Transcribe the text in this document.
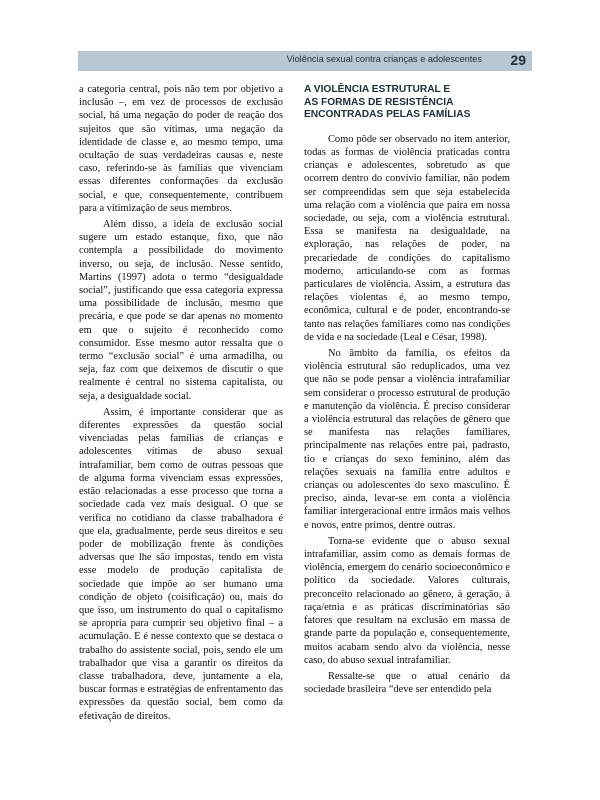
Violência sexual contra crianças e adolescentes 29

a categoria central, pois não tem por objetivo a inclusão –, em vez de processos de exclusão social, há uma negação do poder de reação dos sujeitos que são vítimas, uma negação da identidade de classe e, ao mesmo tempo, uma ocultação de suas verdadeiras causas e, neste caso, referindo-se às famílias que vivenciam essas diferentes conformações da exclusão social, e que, consequentemente, contribuem para a vitimização de seus membros.

Além disso, a ideia de exclusão social sugere um estado estanque, fixo, que não contempla a possibilidade do movimento inverso, ou seja, de inclusão. Nesse sentido, Martins (1997) adota o termo “desigualdade social”, justificando que essa categoria expressa uma possibilidade de inclusão, mesmo que precária, e que pode se dar apenas no momento em que o sujeito é reconhecido como consumidor. Esse mesmo autor ressalta que o termo “exclusão social” é uma armadilha, ou seja, faz com que deixemos de discutir o que realmente é central no sistema capitalista, ou seja, a desigualdade social.

Assim, é importante considerar que as diferentes expressões da questão social vivenciadas pelas famílias de crianças e adolescentes vítimas de abuso sexual intrafamiliar, bem como de outras pessoas que de alguma forma vivenciam essas expressões, estão relacionadas a esse processo que torna a sociedade cada vez mais desigual. O que se verifica no cotidiano da classe trabalhadora é que ela, gradualmente, perde seus direitos e seu poder de mobilização frente às condições adversas que lhe são impostas, tendo em vista esse modelo de produção capitalista de sociedade que impõe ao ser humano uma condição de objeto (coisificação) ou, mais do que isso, um instrumento do qual o capitalismo se apropria para cumprir seu objetivo final – a acumulação. E é nesse contexto que se destaca o trabalho do assistente social, pois, sendo ele um trabalhador que visa a garantir os direitos da classe trabalhadora, deve, juntamente a ela, buscar formas e estratégias de enfrentamento das expressões da questão social, bem como da efetivação de direitos.

A VIOLÊNCIA ESTRUTURAL E
AS FORMAS DE RESISTÊNCIA
ENCONTRADAS PELAS FAMÍLIAS

Como pôde ser observado no item anterior, todas as formas de violência praticadas contra crianças e adolescentes, sobretudo as que ocorrem dentro do convívio familiar, não podem ser compreendidas sem que seja estabelecida uma relação com a violência que paira em nossa sociedade, ou seja, com a violência estrutural. Essa se manifesta na desigualdade, na exploração, nas relações de poder, na precariedade de condições do capitalismo moderno, articulando-se com as formas particulares de violência. Assim, a estrutura das relações violentas é, ao mesmo tempo, econômica, cultural e de poder, encontrando-se tanto nas relações familiares como nas condições de vida e na sociedade (Leal e César, 1998).

No âmbito da família, os efeitos da violência estrutural são reduplicados, uma vez que não se pode pensar a violência intrafamiliar sem considerar o processo estrutural de produção e manutenção da violência. É preciso considerar a violência estrutural das relações de gênero que se manifesta nas relações familiares, principalmente nas relações entre pai, padrasto, tio e crianças do sexo feminino, além das relações sexuais na família entre adultos e crianças ou adolescentes do sexo masculino. É preciso, ainda, levar-se em conta a violência familiar intergeracional entre irmãos mais velhos e novos, entre primos, dentre outras.

Torna-se evidente que o abuso sexual intrafamiliar, assim como as demais formas de violência, emergem do cenário socioeconômico e político da sociedade. Valores culturais, preconceito relacionado ao gênero, à geração, à raça/etnia e as práticas discriminatórias são fatores que resultam na exclusão em massa de grande parte da população e, consequentemente, muitos acabam sendo alvo da violência, nesse caso, do abuso sexual intrafamiliar.

Ressalte-se que o atual cenário da sociedade brasileira “deve ser entendido pela
